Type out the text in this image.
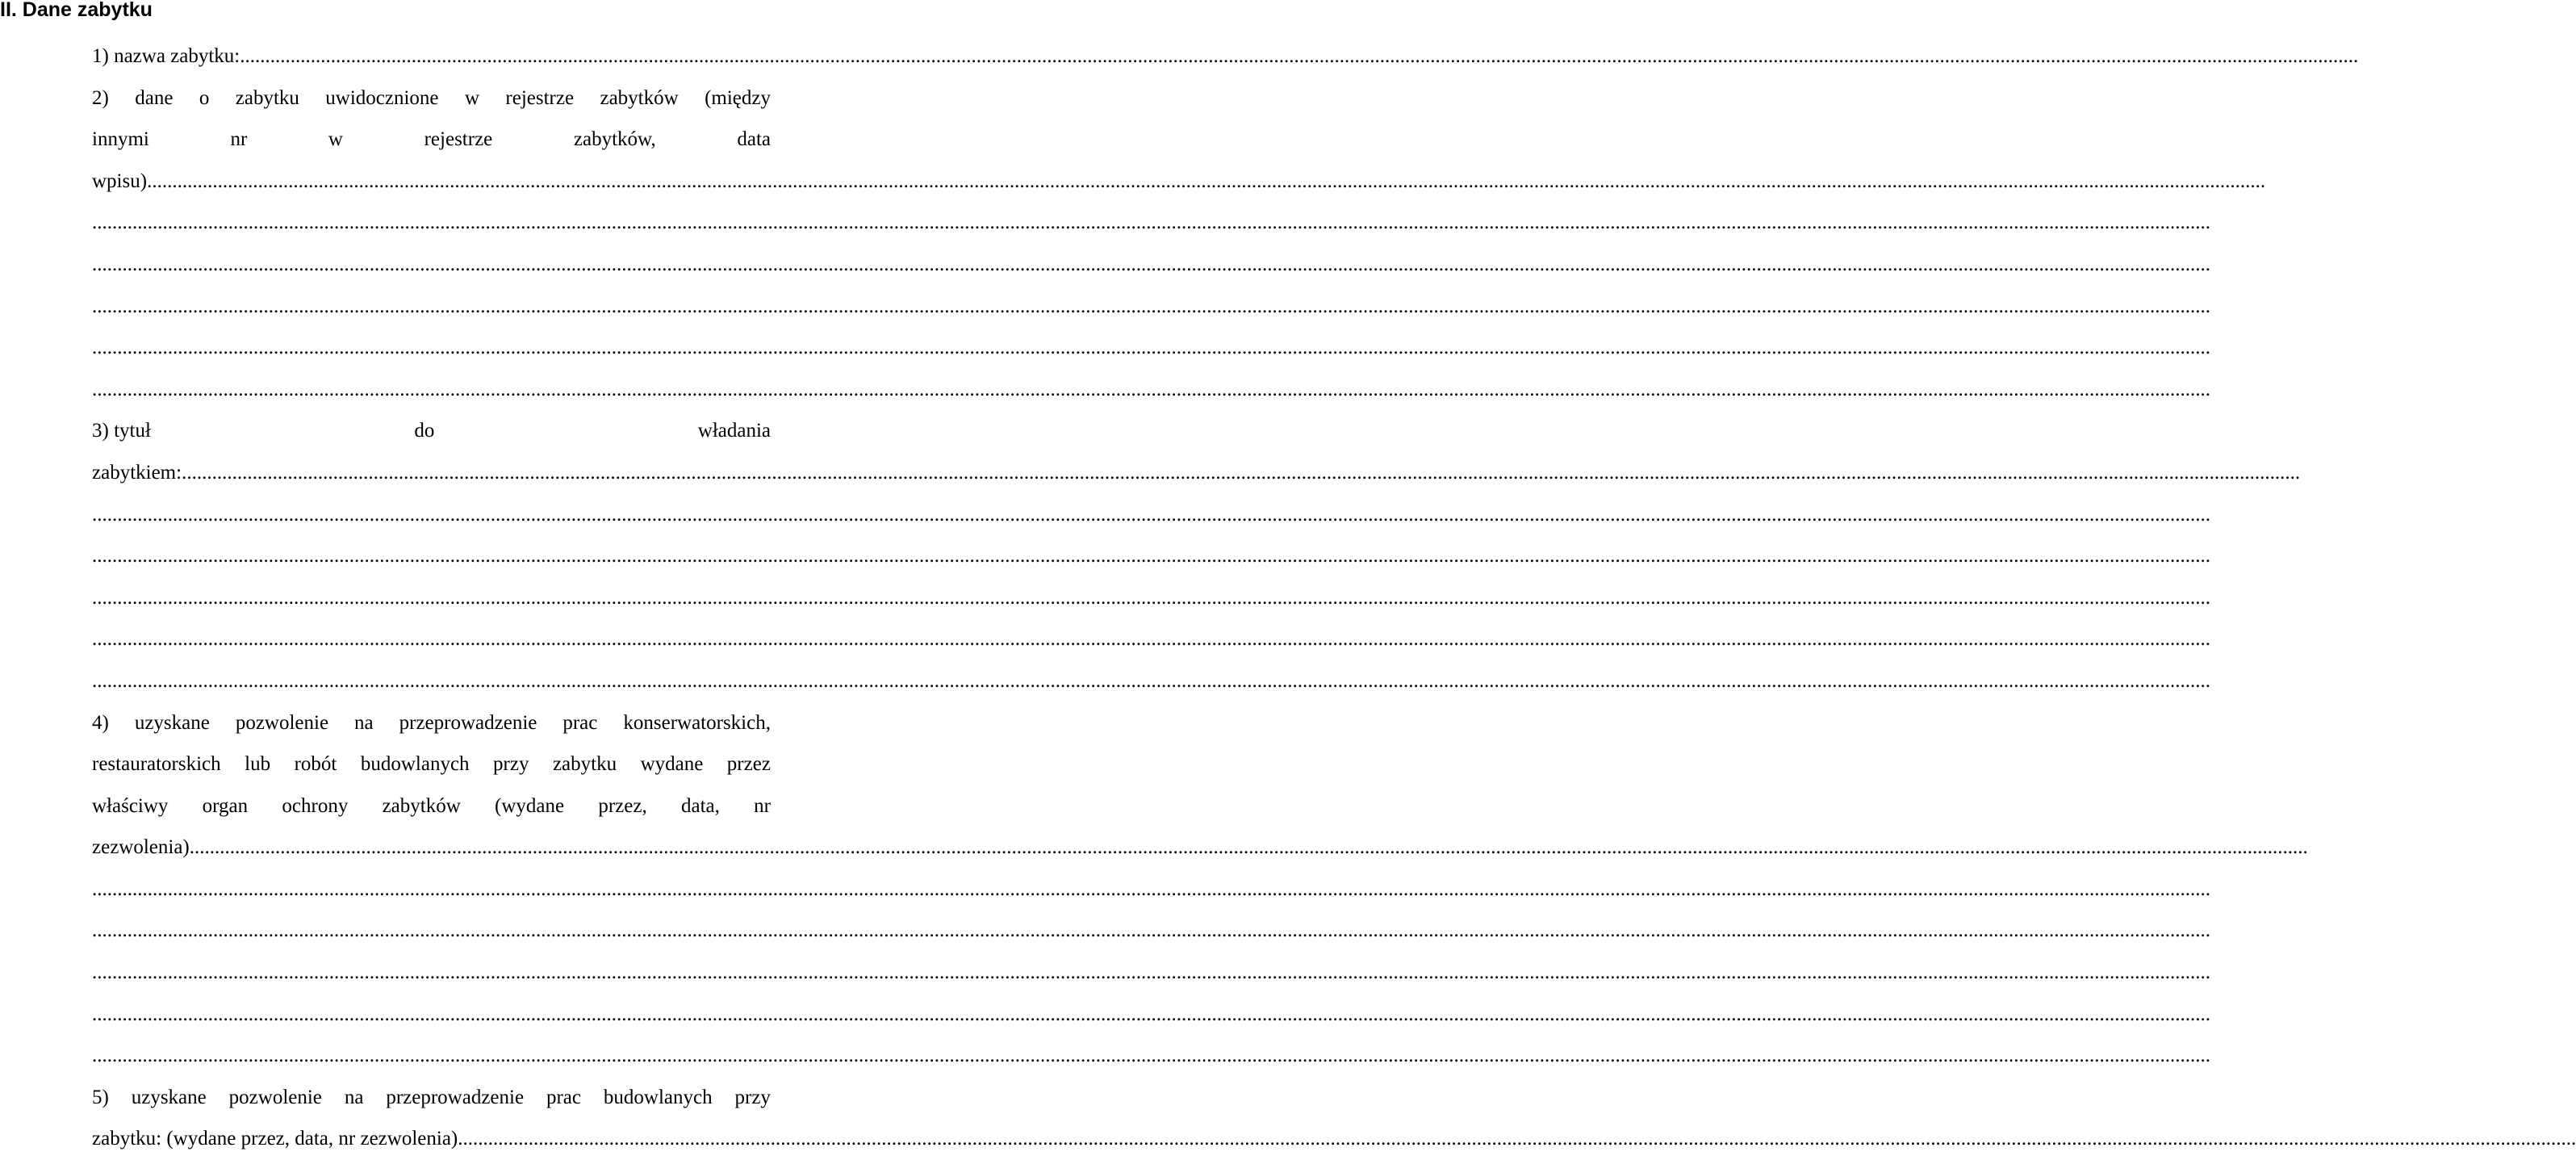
II. Dane zabytku
1) nazwa zabytku: ....................................................................................................................................................................................................................................................................................................................................................................................................................................
2) dane o zabytku uwidocznione w rejestrze zabytków (między
innymi	nr	w	rejestrze	zabytków,	data
wpisu) ....................................................................................................................................................................................................................................................................................................................................................................................................................................
....................................................................................................................................................................................................................................................................................................................................................................................................................................
....................................................................................................................................................................................................................................................................................................................................................................................................................................
....................................................................................................................................................................................................................................................................................................................................................................................................................................
....................................................................................................................................................................................................................................................................................................................................................................................................................................
....................................................................................................................................................................................................................................................................................................................................................................................................................................
3) tytuł	do	władania
zabytkiem: ....................................................................................................................................................................................................................................................................................................................................................................................................................................
....................................................................................................................................................................................................................................................................................................................................................................................................................................
....................................................................................................................................................................................................................................................................................................................................................................................................................................
....................................................................................................................................................................................................................................................................................................................................................................................................................................
....................................................................................................................................................................................................................................................................................................................................................................................................................................
....................................................................................................................................................................................................................................................................................................................................................................................................................................
4) uzyskane pozwolenie na przeprowadzenie prac konserwatorskich,
restauratorskich lub robót budowlanych przy zabytku wydane przez
właściwy organ ochrony zabytków (wydane przez, data, nr
zezwolenia) ....................................................................................................................................................................................................................................................................................................................................................................................................................................
....................................................................................................................................................................................................................................................................................................................................................................................................................................
....................................................................................................................................................................................................................................................................................................................................................................................................................................
....................................................................................................................................................................................................................................................................................................................................................................................................................................
....................................................................................................................................................................................................................................................................................................................................................................................................................................
....................................................................................................................................................................................................................................................................................................................................................................................................................................
5) uzyskane pozwolenie na przeprowadzenie prac budowlanych przy
zabytku: (wydane przez, data, nr zezwolenia) ....................................................................................................................................................................................................................................................................................................................................................................................................................................
